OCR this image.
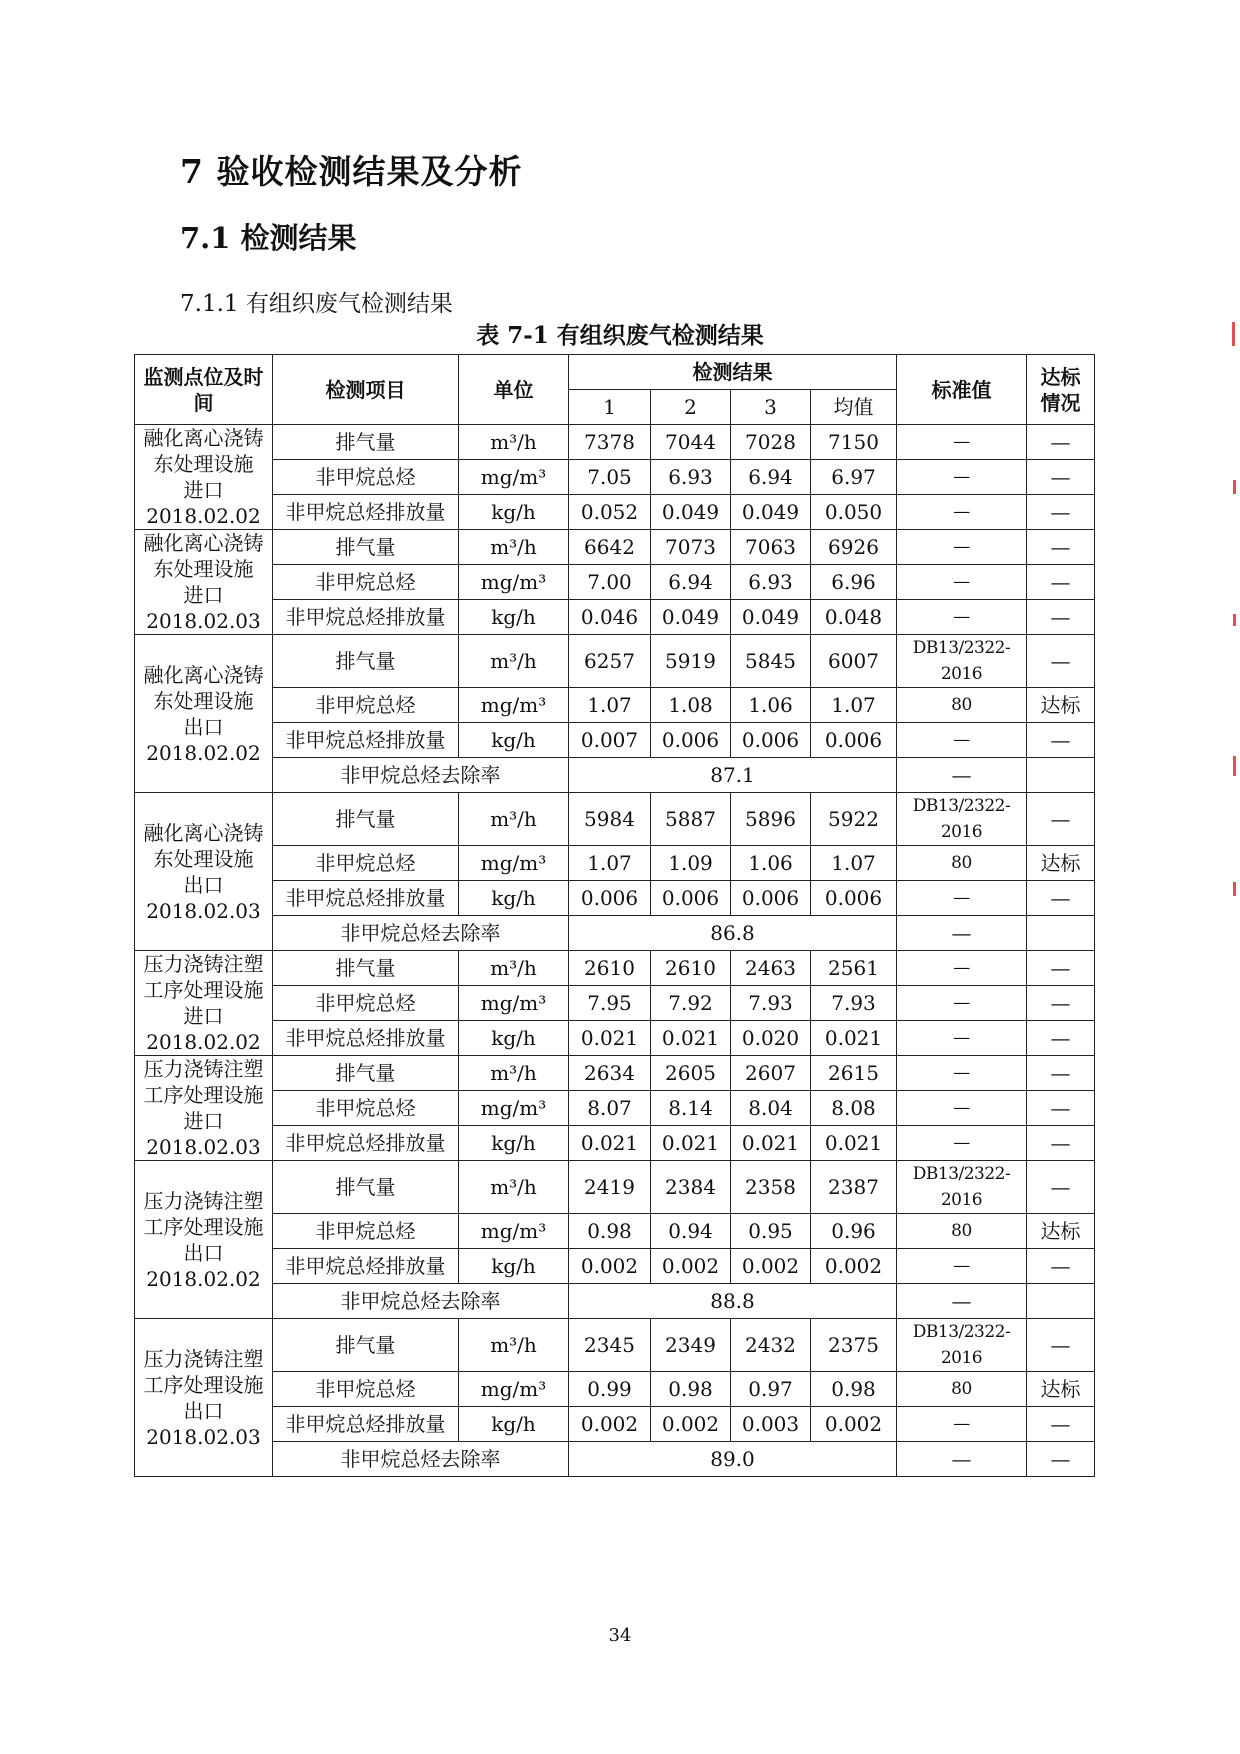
7 验收检测结果及分析
7.1 检测结果
7.1.1 有组织废气检测结果
表 7-1 有组织废气检测结果
监测点位及时间	检测项目	单位	检测结果				标准值	达标情况
			1	2	3	均值		

融化离心浇铸
东处理设施
进口
2018.02.02	排气量	m³/h	7378	7044	7028	7150	—	—
	非甲烷总烃	mg/m³	7.05	6.93	6.94	6.97	—	—
	非甲烷总烃排放量	kg/h	0.052	0.049	0.049	0.050	—	—

融化离心浇铸
东处理设施
进口
2018.02.03	排气量	m³/h	6642	7073	7063	6926	—	—
	非甲烷总烃	mg/m³	7.00	6.94	6.93	6.96	—	—
	非甲烷总烃排放量	kg/h	0.046	0.049	0.049	0.048	—	—

融化离心浇铸
东处理设施
出口
2018.02.02	排气量	m³/h	6257	5919	5845	6007	DB13/2322-2016	—
	非甲烷总烃	mg/m³	1.07	1.08	1.06	1.07	80	达标
	非甲烷总烃排放量	kg/h	0.007	0.006	0.006	0.006	—	—
	非甲烷总烃去除率		87.1				—	

融化离心浇铸
东处理设施
出口
2018.02.03	排气量	m³/h	5984	5887	5896	5922	DB13/2322-2016	—
	非甲烷总烃	mg/m³	1.07	1.09	1.06	1.07	80	达标
	非甲烷总烃排放量	kg/h	0.006	0.006	0.006	0.006	—	—
	非甲烷总烃去除率		86.8				—	

压力浇铸注塑
工序处理设施
进口
2018.02.02	排气量	m³/h	2610	2610	2463	2561	—	—
	非甲烷总烃	mg/m³	7.95	7.92	7.93	7.93	—	—
	非甲烷总烃排放量	kg/h	0.021	0.021	0.020	0.021	—	—

压力浇铸注塑
工序处理设施
进口
2018.02.03	排气量	m³/h	2634	2605	2607	2615	—	—
	非甲烷总烃	mg/m³	8.07	8.14	8.04	8.08	—	—
	非甲烷总烃排放量	kg/h	0.021	0.021	0.021	0.021	—	—

压力浇铸注塑
工序处理设施
出口
2018.02.02	排气量	m³/h	2419	2384	2358	2387	DB13/2322-2016	—
	非甲烷总烃	mg/m³	0.98	0.94	0.95	0.96	80	达标
	非甲烷总烃排放量	kg/h	0.002	0.002	0.002	0.002	—	—
	非甲烷总烃去除率		88.8				—	

压力浇铸注塑
工序处理设施
出口
2018.02.03	排气量	m³/h	2345	2349	2432	2375	DB13/2322-2016	—
	非甲烷总烃	mg/m³	0.99	0.98	0.97	0.98	80	达标
	非甲烷总烃排放量	kg/h	0.002	0.002	0.003	0.002	—	—
	非甲烷总烃去除率		89.0				—	—
34
